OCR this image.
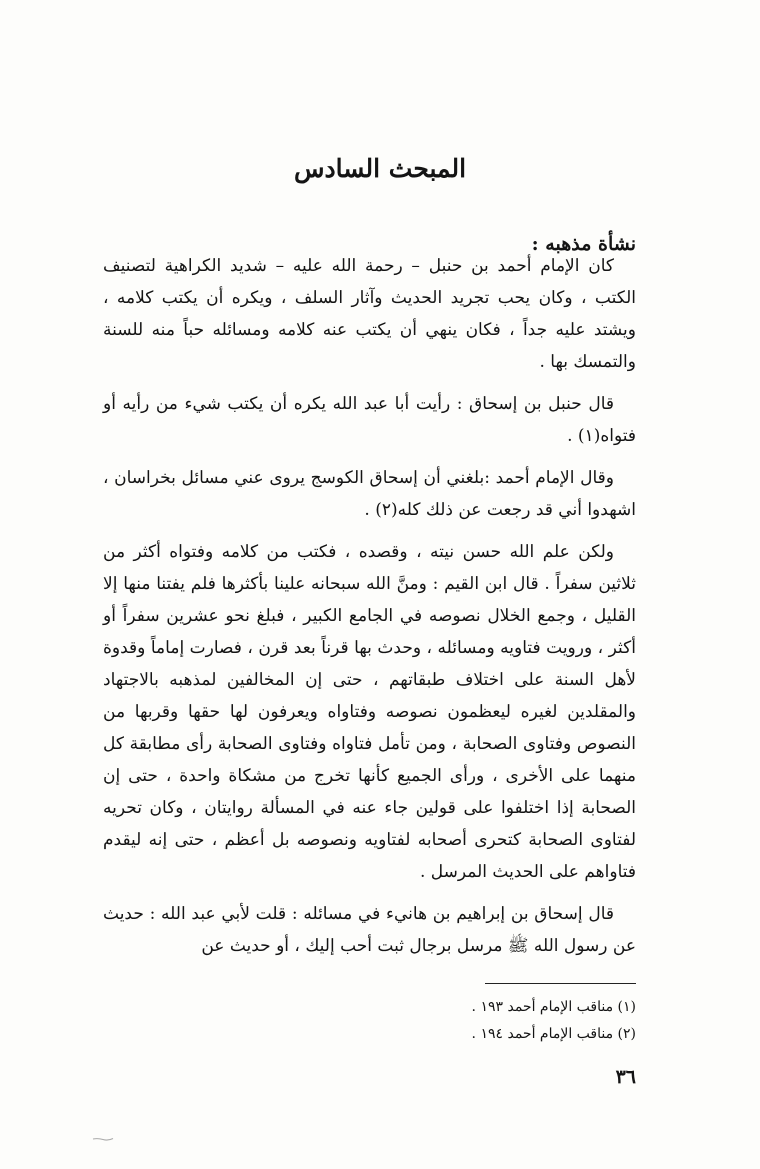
المبحث السادس
نشأة مذهبه :

كان الإمام أحمد بن حنبل – رحمة الله عليه – شديد الكراهية لتصنيف الكتب ، وكان يحب تجريد الحديث وآثار السلف ، ويكره أن يكتب كلامه ، ويشتد عليه جداً ، فكان ينهي أن يكتب عنه كلامه ومسائله حباً منه للسنة والتمسك بها .

قال حنبل بن إسحاق : رأيت أبا عبد الله يكره أن يكتب شيء من رأيه أو فتواه(١) .

وقال الإمام أحمد :بلغني أن إسحاق الكوسج يروى عني مسائل بخراسان ، اشهدوا أني قد رجعت عن ذلك كله(٢) .

ولكن علم الله حسن نيته ، وقصده ، فكتب من كلامه وفتواه أكثر من ثلاثين سفراً . قال ابن القيم : ومنَّ الله سبحانه علينا بأكثرها فلم يفتنا منها إلا القليل ، وجمع الخلال نصوصه في الجامع الكبير ، فبلغ نحو عشرين سفراً أو أكثر ، ورويت فتاويه ومسائله ، وحدث بها قرناً بعد قرن ، فصارت إماماً وقدوة لأهل السنة على اختلاف طبقاتهم ، حتى إن المخالفين لمذهبه بالاجتهاد والمقلدين لغيره ليعظمون نصوصه وفتاواه ويعرفون لها حقها وقربها من النصوص وفتاوى الصحابة ، ومن تأمل فتاواه وفتاوى الصحابة رأى مطابقة كل منهما على الأخرى ، ورأى الجميع كأنها تخرج من مشكاة واحدة ، حتى إن الصحابة إذا اختلفوا على قولين جاء عنه في المسألة روايتان ، وكان تحريه لفتاوى الصحابة كتحرى أصحابه لفتاويه ونصوصه بل أعظم ، حتى إنه ليقدم فتاواهم على الحديث المرسل .

قال إسحاق بن إبراهيم بن هانيء في مسائله : قلت لأبي عبد الله : حديث عن رسول الله ﷺ مرسل برجال ثبت أحب إليك ، أو حديث عن

(١) مناقب الإمام أحمد ١٩٣ .
(٢) مناقب الإمام أحمد ١٩٤ .
٣٦
